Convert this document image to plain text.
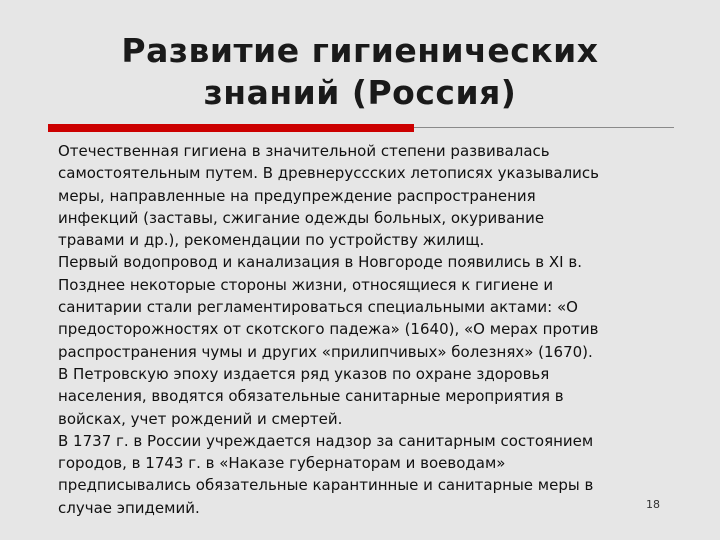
Развитие гигиенических
знаний (Россия)

Отечественная гигиена в значительной степени развивалась

самостоятельным путем. В древнеруссских летописях указывались

меры, направленные на предупреждение распространения

инфекций (заставы, сжигание одежды больных, окуривание

травами и др.), рекомендации по устройству жилищ.

Первый водопровод и канализация в Новгороде появились в XI в.

Позднее некоторые стороны жизни, относящиеся к гигиене и

санитарии стали регламентироваться специальными актами: «О

предосторожностях от скотского падежа» (1640), «О мерах против

распространения чумы и других «прилипчивых» болезнях» (1670).

В Петровскую эпоху издается ряд указов по охране здоровья

населения, вводятся обязательные санитарные мероприятия в

войсках, учет рождений и смертей.

В 1737 г. в России учреждается надзор за санитарным состоянием

городов, в 1743 г. в «Наказе губернаторам и воеводам»

предписывались обязательные карантинные и санитарные меры в

случае эпидемий.	18
